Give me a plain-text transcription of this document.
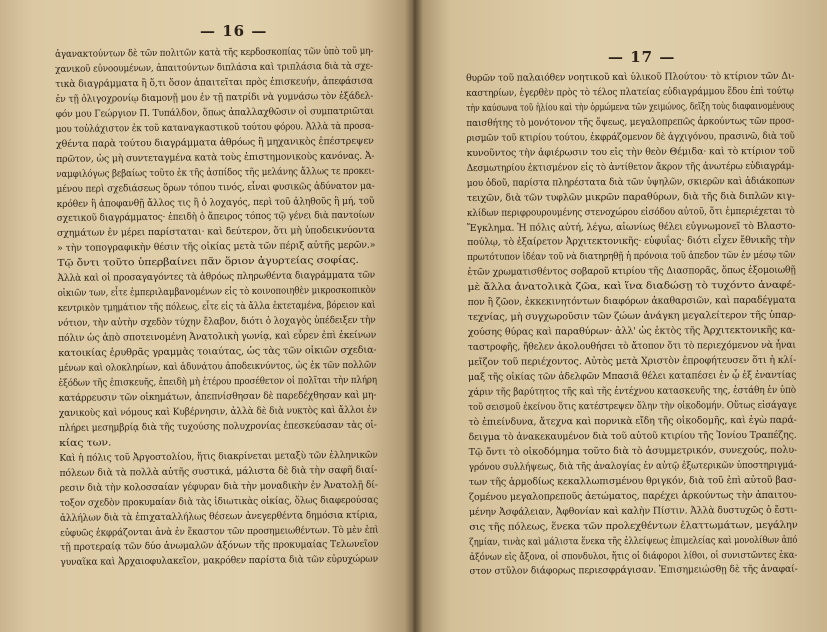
— 16 —
ἀγανακτούντων δὲ τῶν πολιτῶν κατὰ τῆς κερδοσκοπίας τῶν ὑπὸ τοῦ μη-
χανικοῦ εὐνοουμένων, ἀπαιτούντων διπλάσια καὶ τριπλάσια διὰ τὰ σχε-
τικὰ διαγράμματα ἢ ὅ,τι ὅσον ἀπαιτεῖται πρὸς ἐπισκευήν, ἀπεφάσισα
ἐν τῇ ὀλιγοχρονίῳ διαμονῇ μου ἐν τῇ πατρίδι νὰ γυμνάσω τὸν ἐξάδελ-
φόν μου Γεώργιον Π. Τυπάλδον, ὅπως ἀπαλλαχθῶσιν οἱ συμπατριῶται
μου τοὐλάχιστον ἐκ τοῦ καταναγκαστικοῦ τούτου φόρου. Ἀλλὰ τὰ προσα-
χθέντα παρὰ τούτου διαγράμματα ἀθρόως ἢ μηχανικὸς ἐπέστρεψεν
πρῶτον, ὡς μὴ συντεταγμένα κατὰ τοὺς ἐπιστημονικοὺς κανόνας. Ἀ-
ναμφιλόγως βεβαίως τοῦτο ἐκ τῆς ἀσπίδος τῆς μελάνης ἄλλως τε προκει-
μένου περὶ σχεδιάσεως ὅρων τόπου τινός, εἶναι φυσικῶς ἀδύνατον μα-
κρόθεν ἢ ἀποφανθῇ ἄλλος τις ἢ ὁ λοχαγός, περὶ τοῦ ἀληθοῦς ἢ μή, τοῦ
σχετικοῦ διαγράμματος· ἐπειδὴ ὁ ἄπειρος τόπος τῷ γένει διὰ παντοίων
σχημάτων ἐν μέρει παρίσταται· καὶ δεύτερον, ὅτι μὴ ὑποδεικνύοντα
» τὴν τοπογραφικὴν θέσιν τῆς οἰκίας μετὰ τῶν πέριξ αὐτῆς μερῶν.»
Τῷ ὄντι τοῦτο ὑπερβαίνει πᾶν ὅριον ἀγυρτείας σοφίας.
Ἀλλὰ καὶ οἱ προσαγαγόντες τὰ ἀθρόως πληρωθέντα διαγράμματα τῶν
οἰκιῶν των, εἶτε ἐμπεριλαμβανομένων εἰς τὸ κοινοποιηθὲν μικροσκοπικὸν
κεντρικὸν τμημάτιον τῆς πόλεως, εἶτε εἰς τὰ ἄλλα ἐκτεταμένα, βόρειον καὶ
νότιον, τὴν αὐτὴν σχεδὸν τύχην ἔλαβον, διότι ὁ λοχαγὸς ὑπέδειξεν τὴν
πόλιν ὡς ἀπὸ σποτεινομένη Ἀνατολικὴ γωνίᾳ, καὶ εὗρεν ἐπὶ ἐκείνων
κατοικίας ἐρυθρᾶς γραμμὰς τοιαύτας, ὡς τὰς τῶν οἰκιῶν σχεδια-
μένων καὶ ολοκληρίων, καὶ ἀδυνάτου ἀποδεικνύντος, ὡς ἐκ τῶν πολλῶν
ἐξόδων τῆς ἐπισκευῆς, ἐπειδὴ μὴ ἑτέρου προσέθετον οἱ πολῖται τὴν πλήρη
κατάρρευσιν τῶν οἰκημάτων, ἀπεπνίσθησαν δὲ παρεδέχθησαν καὶ μη-
χανικοὺς καὶ νόμους καὶ Κυβέρνησιν, ἀλλὰ δὲ διὰ νυκτὸς καὶ ἄλλοι ἐν
πλήρει μεσημβρίᾳ διὰ τῆς τυχούσης πολυχρονίας ἐπεσκεύασαν τὰς οἰ-
κίας των.
Καὶ ἡ πόλις τοῦ Ἀργοστολίου, ἥτις διακρίνεται μεταξὺ τῶν ἑλληνικῶν
πόλεων διὰ τὰ πολλὰ αὐτῆς συστικά, μάλιστα δὲ διὰ τὴν σαφῆ διαί-
ρεσιν διὰ τὴν κολοσσαίαν γέφυραν διὰ τὴν μοναδικὴν ἐν Ἀνατολῇ δί-
τοξον σχεδὸν προκυμαίαν διὰ τὰς ἰδιωτικὰς οἰκίας, ὅλως διαφερούσας
ἀλλήλων διὰ τὰ ἐπιχαταλλήλως θέσεων ἀνεγερθέντα δημόσια κτίρια,
εὐφυῶς ἐκφράζονται ἀνὰ ἐν ἕκαστον τῶν προσημειωθέντων. Τὸ μὲν ἐπὶ
τῇ προτεραίᾳ τῶν δύο ἀνωμαλῶν ἀξόνων τῆς προκυμαίας Τελωνεῖον
γυναῖκα καὶ Ἀρχαιοφυλακεῖον, μακρόθεν παρίστα διὰ τῶν εὐρυχώρων
— 17 —
θυρῶν τοῦ παλαιόθεν νοητικοῦ καὶ ὑλικοῦ Πλούτου· τὸ κτίριον τῶν Δι-
καστηρίων, ἐγερθὲν πρὸς τὸ τέλος πλατείας εὐδιαγράμμου ἕδου ἐπὶ τούτῳ
τὴν καύσωνα τοῦ ἡλίου καὶ τὴν ὁρμώμενα τῶν χειμώνος, δεῖξη τοὺς διαφαινομένους
παισθήτης τὸ μονότονον τῆς ὄψεως, μεγαλοπρεπῶς ἀρκούντως τῶν προσ-
ρισμῶν τοῦ κτιρίου τούτου, ἐκφράζομενον δὲ ἀγχιγόνου, πρασινῶ, διὰ τοῦ
κυνοῦντος τὴν ἀφιέρωσιν του εἰς τὴν θεὸν Θέμιδα· καὶ τὸ κτίριον τοῦ
Δεσμωτηρίου ἐκτισμένον εἰς τὸ ἀντίθετον ἄκρον τῆς ἀνωτέρω εὐδιαγράμ-
μου ὁδοῦ, παρίστα πληρέστατα διὰ τῶν ὑψηλῶν, σκιερῶν καὶ ἀδιάκοπων
τειχῶν, διὰ τῶν τυφλῶν μικρῶν παραθύρων, διὰ τῆς διὰ διπλῶν κιγ-
κλίδων περιφρουρουμένης στενοχώρου εἰσόδου αὐτοῦ, ὅτι ἐμπεριέχεται τὸ
Ἔγκλημα. Ἡ πόλις αὐτή, λέγω, αἰωνίως θέλει εὐγνωμονεῖ τὸ Βλαστο-
πούλῳ, τὸ ἐξαίρετον Ἀρχιτεκτονικῆς· εὐφυΐας· διότι εἶχεν ἔθνικῆς τὴν
πρωτότυπον ἰδέαν τοῦ νὰ διατηρηθῇ ἡ πρόνοια τοῦ ἀπεδον τῶν ἐν μέσῳ τῶν
ἐτῶν χρωματισθέντος σοβαροῦ κτιρίου τῆς Διασπορᾶς, ὅπως ἐξομοιωθῇ
μὲ ἄλλα ἀνατολικὰ ζῶα, καὶ ἵνα διαδώσῃ τὸ τυχόντο ἀναφέ-
πον ἢ ζῶον, ἐκκεκινητόντων διαφόρων ἀκαθαρσιῶν, καὶ παραδέγματα
τεχνίας, μὴ συγχωροῦσιν τῶν ζώων ἀνάγκη μεγαλείτερον τῆς ὑπαρ-
χούσης θύρας καὶ παραθύρων· ἀλλ' ὡς ἐκτὸς τῆς Ἀρχιτεκτονικῆς κα-
ταστροφῆς, ἤθελεν ἀκολουθήσει τὸ ἄτοπον ὅτι τὸ περιεχόμενον νὰ ἦναι
μεῖζον τοῦ περιέχοντος. Αὐτὸς μετὰ Χριστὸν ἐπροφήτευσεν ὅτι ἡ κλί-
μαξ τῆς οἰκίας τῶν ἀδελφῶν Μπασιᾶ θέλει καταπέσει ἐν ᾧ ἐξ ἐναντίας
χάριν τῆς βαρύτητος τῆς καὶ τῆς ἐντέχνου κατασκευῆς της, ἐστάθη ἐν ὑπὸ
τοῦ σεισμοῦ ἐκείνου ὅτις κατέστρεψεν ὅλην τὴν οἰκοδομήν. Οὕτως εἰσάγαγε
τὸ ἐπιείνδυνα, ἄτεχνα καὶ πορνικὰ εἴδη τῆς οἰκοδομῆς, καὶ ἐγὼ παρά-
δειγμα τὸ ἀνακεκαυμένον διὰ τοῦ αὐτοῦ κτιρίου τῆς Ἰονίου Τραπέζης.
Τῷ ὄντι τὸ οἰκοδόμημα τοῦτο διὰ τὸ ἀσυμμετρικόν, συνεχούς, πολυ-
γρόνου συλλήψεως, διὰ τῆς ἀναλογίας ἐν αὐτῷ ἐξωτερικῶν ὑποστηριγμά-
των τῆς ἁρμοδίως κεκαλλωπισμένου θριγκόν, διὰ τοῦ ἐπὶ αὐτοῦ βασ-
ζομένου μεγαλοπρεποῦς ἀετώματος, παρέχει ἀρκούντως τὴν ἀπαιτου-
μένην Ἀσφάλειαν, Ἀφθονίαν καὶ καλὴν Πίστιν. Ἀλλὰ δυστυχῶς ὁ ἔστι-
σις τῆς πόλεως, ἕνεκα τῶν προλεχθέντων ἐλαττωμάτων, μεγάλην
ζημίαν, τινὰς καὶ μάλιστα ἕνεκα τῆς ἐλλείψεως ἐπιμελείας καὶ μονολίθων ἀπό
ἀξόνων εἰς ἄξονα, οἱ σπονδυλοι, ἥτις οἱ διάφοροι λίθοι, οἱ συνιστῶντες ἑκα-
στον στῦλον διάφορως περιεσφράγισαν. Ἐπισημειώσθῃ δὲ τῆς ἀναφαί-
